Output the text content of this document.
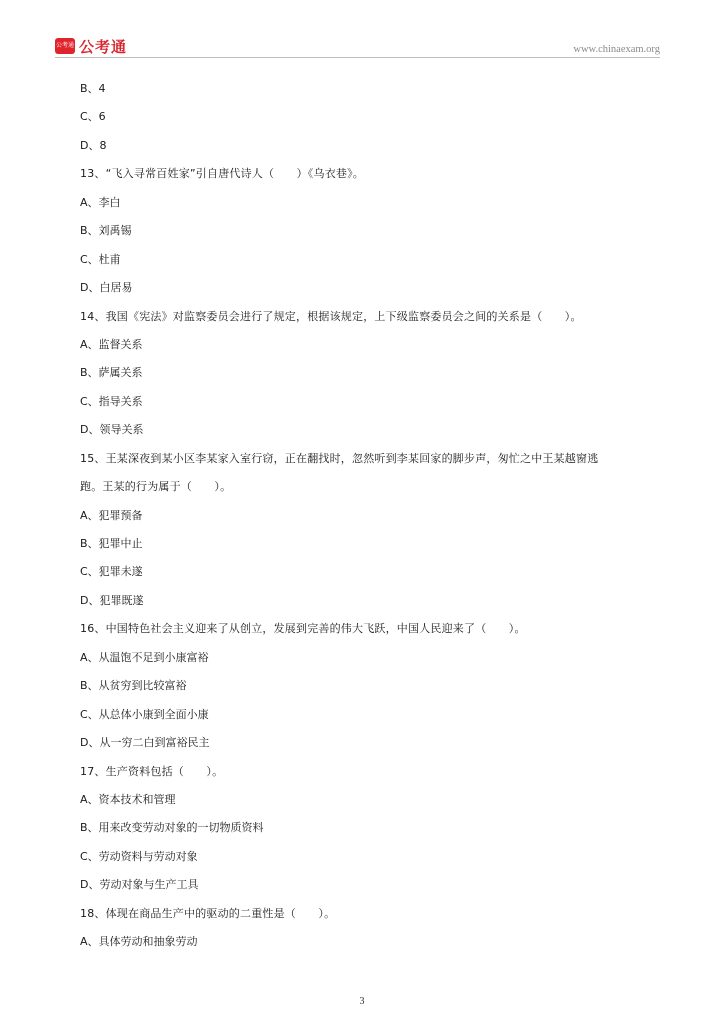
公考通 公考通	www.chinaexam.org
B、4
C、6
D、8
13、“飞入寻常百姓家”引自唐代诗人（　　）《乌衣巷》。
A、李白
B、刘禹锡
C、杜甫
D、白居易
14、我国《宪法》对监察委员会进行了规定，根据该规定，上下级监察委员会之间的关系是（　　）。
A、监督关系
B、萨属关系
C、指导关系
D、领导关系
15、王某深夜到某小区李某家入室行窃，正在翻找时，忽然听到李某回家的脚步声，匆忙之中王某越窗逃
跑。王某的行为属于（　　）。
A、犯罪预备
B、犯罪中止
C、犯罪未遂
D、犯罪既遂
16、中国特色社会主义迎来了从创立，发展到完善的伟大飞跃，中国人民迎来了（　　）。
A、从温饱不足到小康富裕
B、从贫穷到比较富裕
C、从总体小康到全面小康
D、从一穷二白到富裕民主
17、生产资料包括（　　）。
A、资本技术和管理
B、用来改变劳动对象的一切物质资料
C、劳动资料与劳动对象
D、劳动对象与生产工具
18、体现在商品生产中的驱动的二重性是（　　）。
A、具体劳动和抽象劳动
3
